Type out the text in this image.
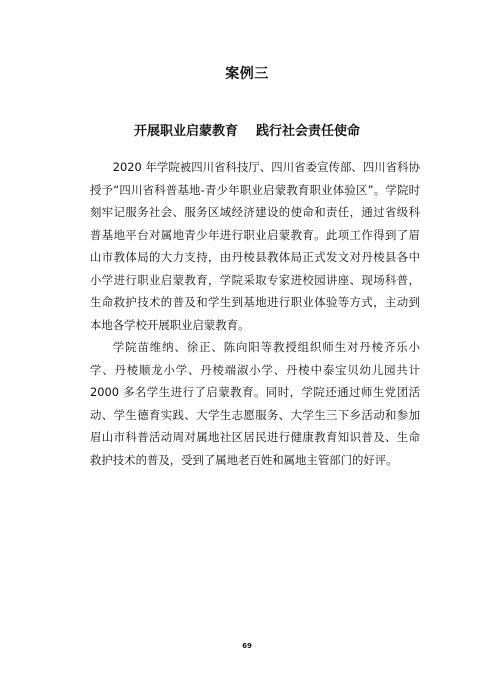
案例三
开展职业启蒙教育    践行社会责任使命

2020 年学院被四川省科技厅、四川省委宣传部、四川省科协授予“四川省科普基地-青少年职业启蒙教育职业体验区”。学院时刻牢记服务社会、服务区域经济建设的使命和责任，通过省级科普基地平台对属地青少年进行职业启蒙教育。此项工作得到了眉山市教体局的大力支持，由丹棱县教体局正式发文对丹棱县各中小学进行职业启蒙教育，学院采取专家进校园讲座、现场科普，生命救护技术的普及和学生到基地进行职业体验等方式，主动到本地各学校开展职业启蒙教育。

学院苗维纳、徐正、陈向阳等教授组织师生对丹棱齐乐小学、丹棱顺龙小学、丹棱端淑小学、丹棱中泰宝贝幼儿园共计 2000 多名学生进行了启蒙教育。同时，学院还通过师生党团活动、学生德育实践、大学生志愿服务、大学生三下乡活动和参加眉山市科普活动周对属地社区居民进行健康教育知识普及、生命救护技术的普及，受到了属地老百姓和属地主管部门的好评。

69
